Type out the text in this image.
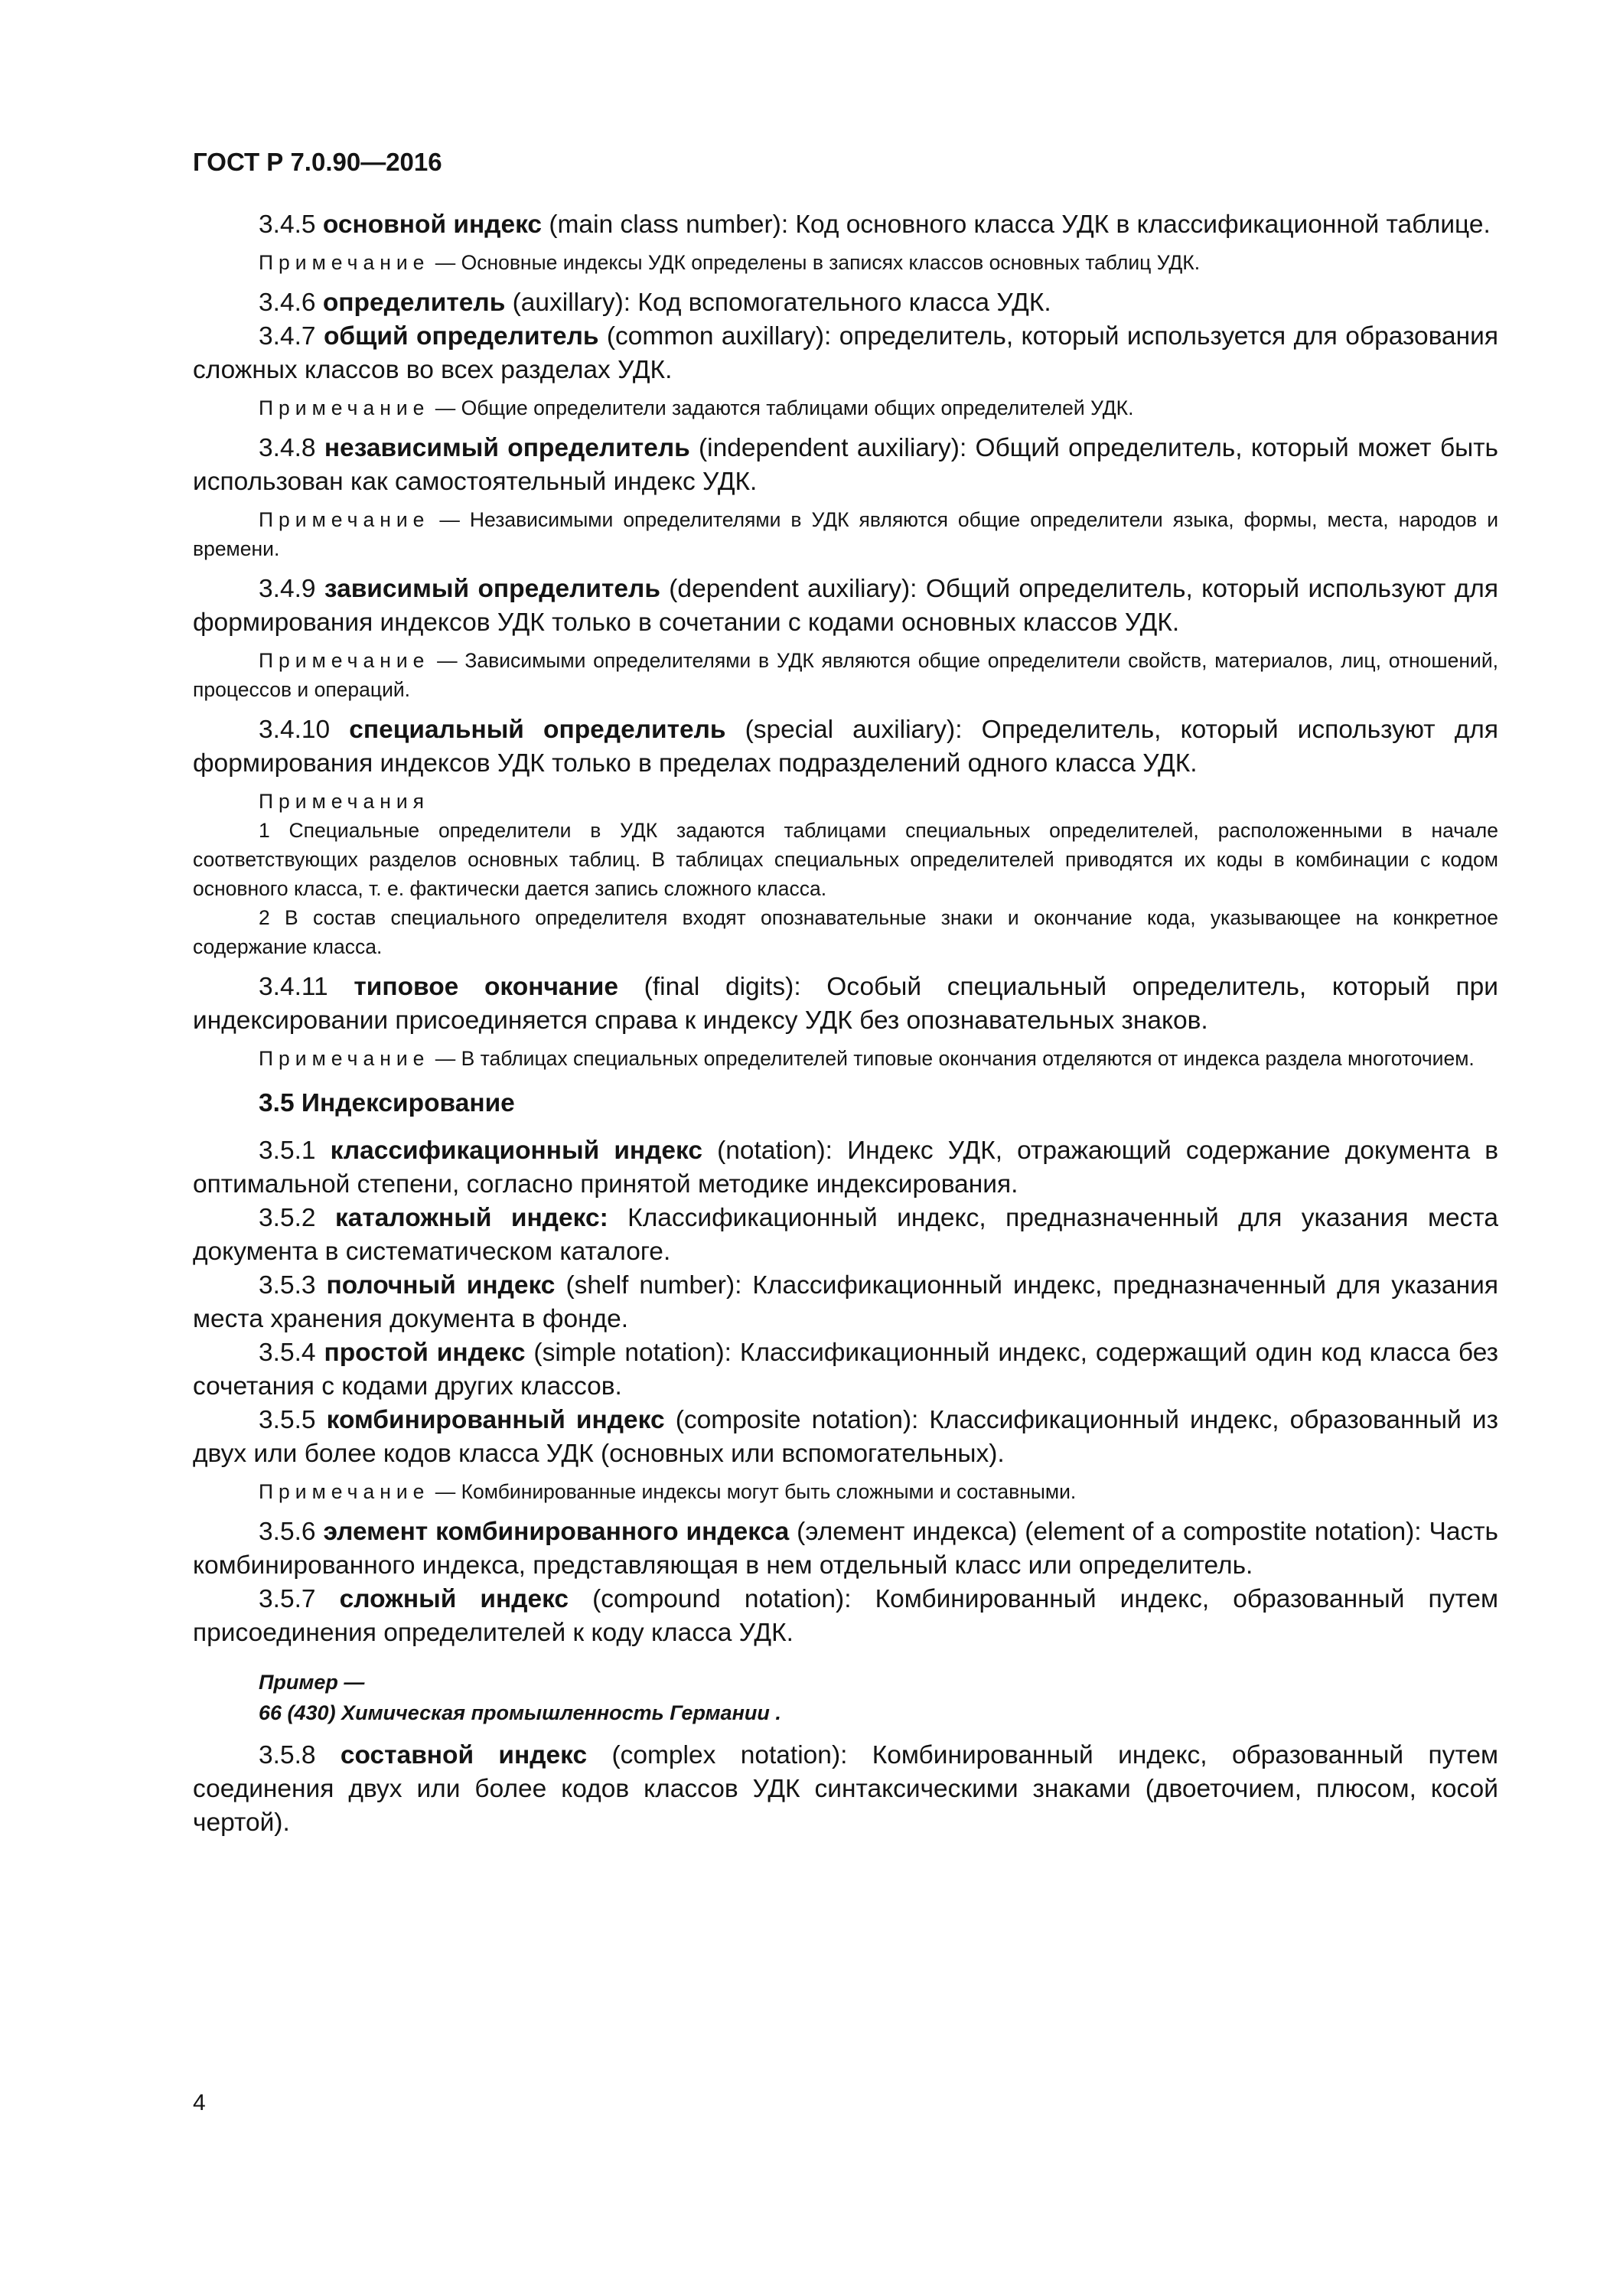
ГОСТ Р 7.0.90—2016

3.4.5 основной индекс (main class number): Код основного класса УДК в классификационной таблице.

Примечание — Основные индексы УДК определены в записях классов основных таблиц УДК.

3.4.6 определитель (auxillary): Код вспомогательного класса УДК.

3.4.7 общий определитель (common auxillary): определитель, который используется для образования сложных классов во всех разделах УДК.

Примечание — Общие определители задаются таблицами общих определителей УДК.

3.4.8 независимый определитель (independent auxiliary): Общий определитель, который может быть использован как самостоятельный индекс УДК.

Примечание — Независимыми определителями в УДК являются общие определители языка, формы, места, народов и времени.

3.4.9 зависимый определитель (dependent auxiliary): Общий определитель, который используют для формирования индексов УДК только в сочетании с кодами основных классов УДК.

Примечание — Зависимыми определителями в УДК являются общие определители свойств, материалов, лиц, отношений, процессов и операций.

3.4.10 специальный определитель (special auxiliary): Определитель, который используют для формирования индексов УДК только в пределах подразделений одного класса УДК.

Примечания

1 Специальные определители в УДК задаются таблицами специальных определителей, расположенными в начале соответствующих разделов основных таблиц. В таблицах специальных определителей приводятся их коды в комбинации с кодом основного класса, т. е. фактически дается запись сложного класса.

2 В состав специального определителя входят опознавательные знаки и окончание кода, указывающее на конкретное содержание класса.

3.4.11 типовое окончание (final digits): Особый специальный определитель, который при индексировании присоединяется справа к индексу УДК без опознавательных знаков.

Примечание — В таблицах специальных определителей типовые окончания отделяются от индекса раздела многоточием.

3.5 Индексирование

3.5.1 классификационный индекс (notation): Индекс УДК, отражающий содержание документа в оптимальной степени, согласно принятой методике индексирования.

3.5.2 каталожный индекс: Классификационный индекс, предназначенный для указания места документа в систематическом каталоге.

3.5.3 полочный индекс (shelf number): Классификационный индекс, предназначенный для указания места хранения документа в фонде.

3.5.4 простой индекс (simple notation): Классификационный индекс, содержащий один код класса без сочетания с кодами других классов.

3.5.5 комбинированный индекс (composite notation): Классификационный индекс, образованный из двух или более кодов класса УДК (основных или вспомогательных).

Примечание — Комбинированные индексы могут быть сложными и составными.

3.5.6 элемент комбинированного индекса (элемент индекса) (element of a compostite notation): Часть комбинированного индекса, представляющая в нем отдельный класс или определитель.

3.5.7 сложный индекс (compound notation): Комбинированный индекс, образованный путем присоединения определителей к коду класса УДК.

Пример —
66 (430) Химическая промышленность Германии .

3.5.8 составной индекс (complex notation): Комбинированный индекс, образованный путем соединения двух или более кодов классов УДК синтаксическими знаками (двоеточием, плюсом, косой чертой).

4
